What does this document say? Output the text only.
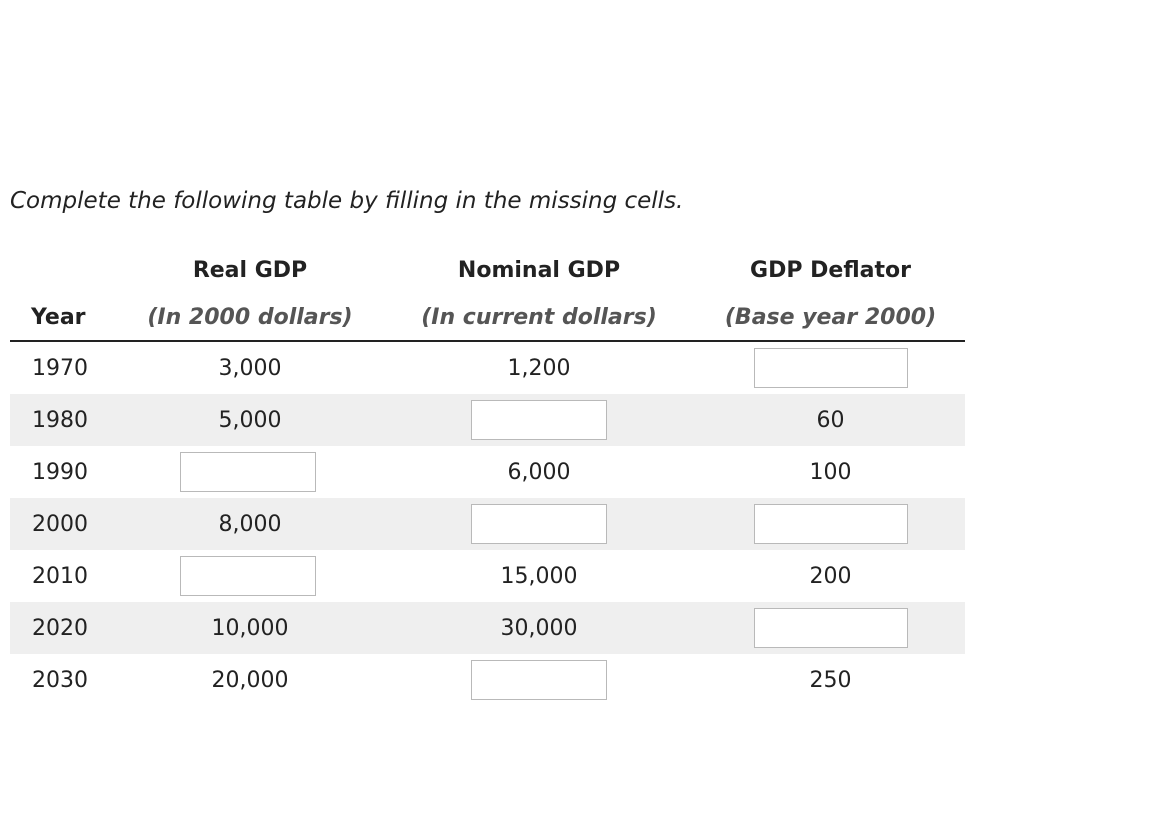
Complete the following table by filling in the missing cells.
	Real GDP	Nominal GDP	GDP Deflator
Year	(In 2000 dollars)	(In current dollars)	(Base year 2000)
1970	3,000	1,200	
1980	5,000		60
1990		6,000	100
2000	8,000		
2010		15,000	200
2020	10,000	30,000	
2030	20,000		250
